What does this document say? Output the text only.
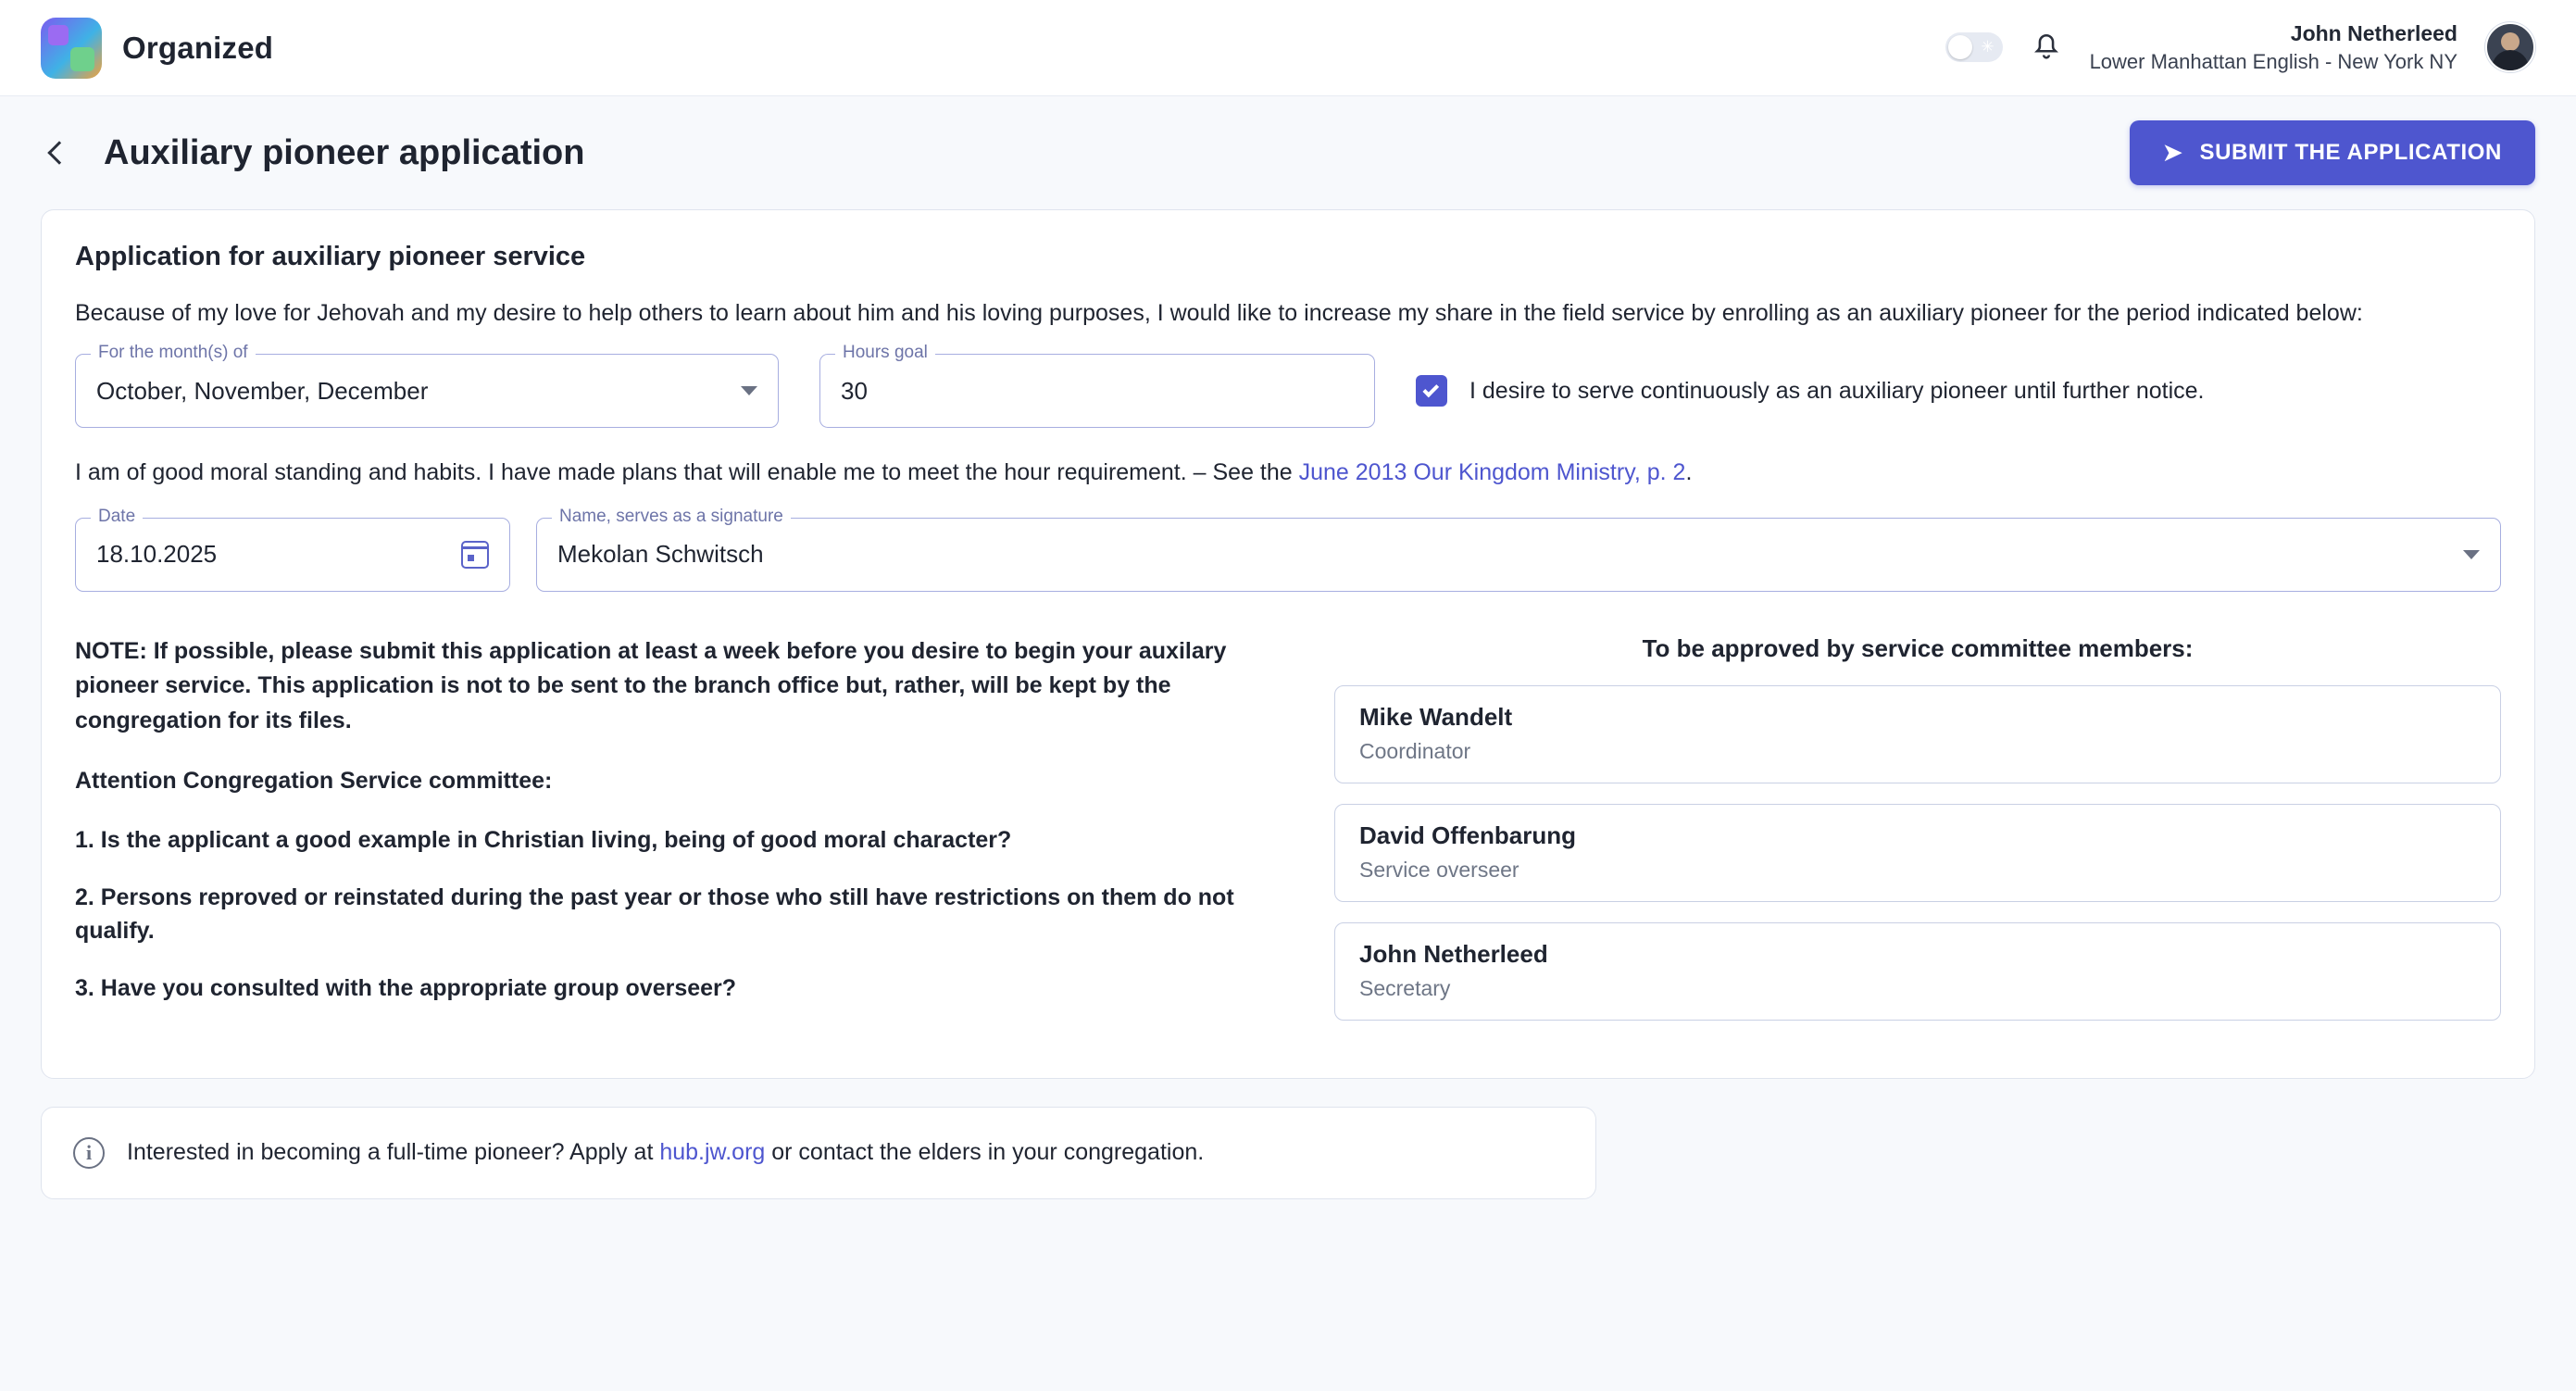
Organized	✳
John Netherleed
Lower Manhattan English - New York NY
Auxiliary pioneer application	➤ SUBMIT THE APPLICATION
Application for auxiliary pioneer service
Because of my love for Jehovah and my desire to help others to learn about him and his loving purposes, I would like to increase my share in the field service by enrolling as an auxiliary pioneer for the period indicated below:
For the month(s) of
October, November, December
Hours goal
30	I desire to serve continuously as an auxiliary pioneer until further notice.
I am of good moral standing and habits. I have made plans that will enable me to meet the hour requirement. – See the June 2013 Our Kingdom Ministry, p. 2.
Date
18.10.2025
Name, serves as a signature
Mekolan Schwitsch
NOTE: If possible, please submit this application at least a week before you desire to begin your auxilary pioneer service. This application is not to be sent to the branch office but, rather, will be kept by the congregation for its files.
Attention Congregation Service committee:
1. Is the applicant a good example in Christian living, being of good moral character?
2. Persons reproved or reinstated during the past year or those who still have restrictions on them do not qualify.
3. Have you consulted with the appropriate group overseer?
To be approved by service committee members:
Mike Wandelt
Coordinator
David Offenbarung
Service overseer
John Netherleed
Secretary
i	Interested in becoming a full-time pioneer? Apply at hub.jw.org or contact the elders in your congregation.
